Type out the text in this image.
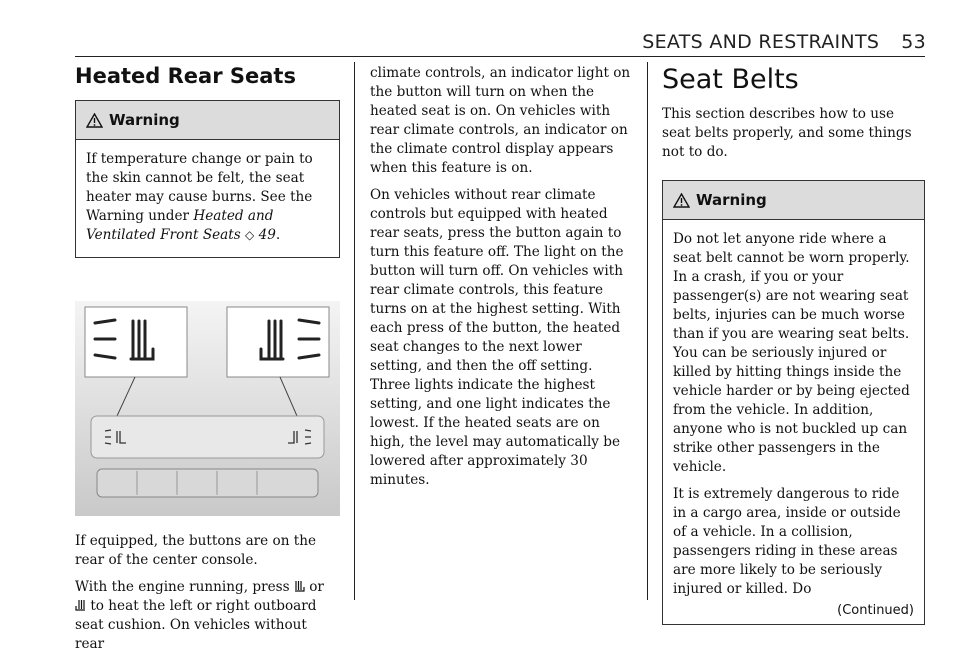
SEATS AND RESTRAINTS 53
Heated Rear Seats
Warning

If temperature change or pain to the skin cannot be felt, the seat heater may cause burns. See the Warning under Heated and Ventilated Front Seats ◇ 49.

If equipped, the buttons are on the rear of the center console.

With the engine running, press or
to heat the left or right outboard seat cushion. On vehicles without rear

climate controls, an indicator light on the button will turn on when the heated seat is on. On vehicles with rear climate controls, an indicator on the climate control display appears when this feature is on.

On vehicles without rear climate controls but equipped with heated rear seats, press the button again to turn this feature off. The light on the button will turn off. On vehicles with rear climate controls, this feature turns on at the highest setting. With each press of the button, the heated seat changes to the next lower setting, and then the off setting. Three lights indicate the highest setting, and one light indicates the lowest. If the heated seats are on high, the level may automatically be lowered after approximately 30 minutes.

Seat Belts

This section describes how to use seat belts properly, and some things not to do.

Warning

Do not let anyone ride where a seat belt cannot be worn properly. In a crash, if you or your passenger(s) are not wearing seat belts, injuries can be much worse than if you are wearing seat belts. You can be seriously injured or killed by hitting things inside the vehicle harder or by being ejected from the vehicle. In addition, anyone who is not buckled up can strike other passengers in the vehicle.

It is extremely dangerous to ride in a cargo area, inside or outside of a vehicle. In a collision, passengers riding in these areas are more likely to be seriously injured or killed. Do

(Continued)
